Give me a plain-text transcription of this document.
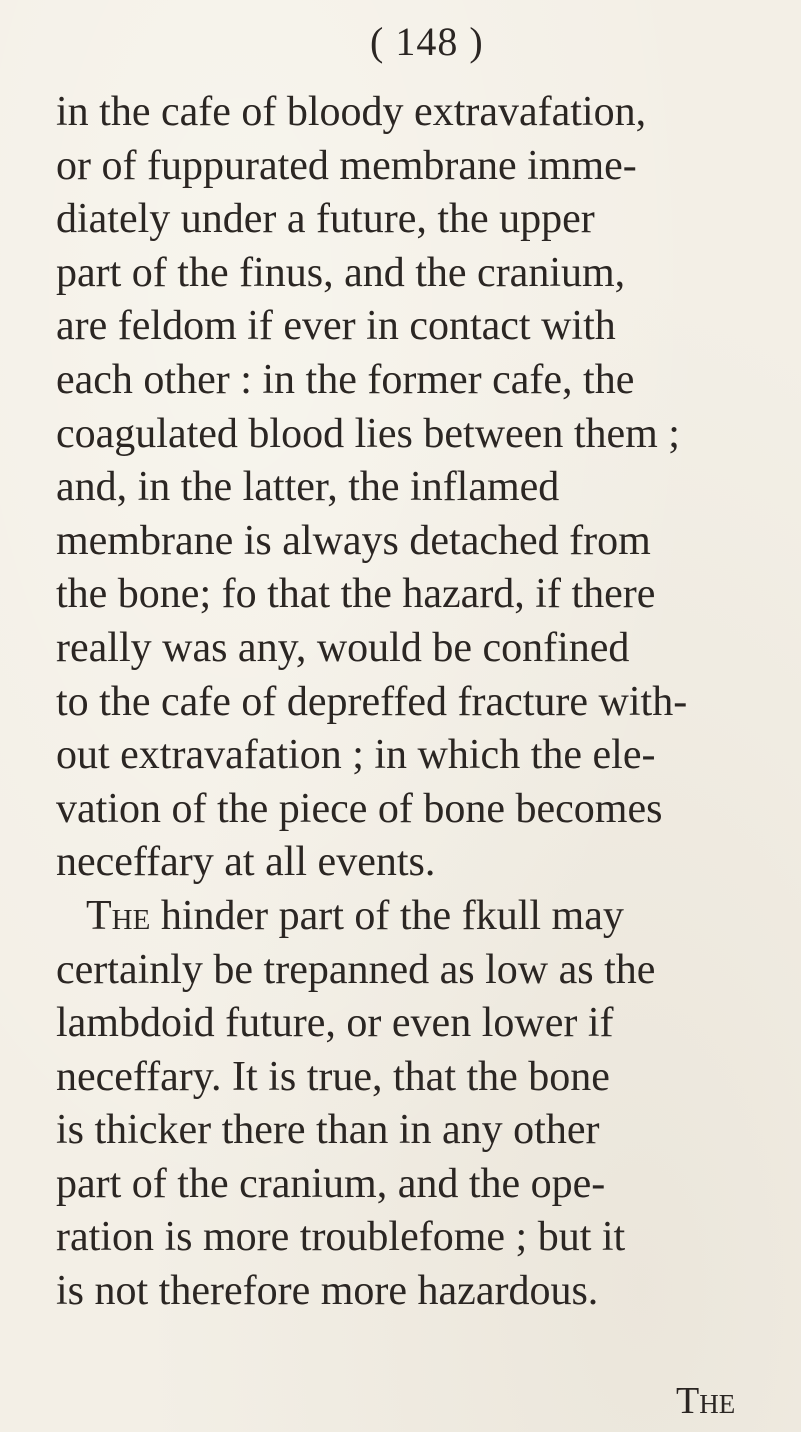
( 148 )
in the cafe of bloody extravafation,
or of fuppurated membrane imme-
diately under a future, the upper
part of the finus, and the cranium,
are feldom if ever in contact with
each other : in the former cafe, the
coagulated blood lies between them ;
and, in the latter, the inflamed
membrane is always detached from
the bone; fo that the hazard, if there
really was any, would be confined
to the cafe of depreffed fracture with-
out extravafation ; in which the ele-
vation of the piece of bone becomes
neceffary at all events.
The hinder part of the fkull may
certainly be trepanned as low as the
lambdoid future, or even lower if
neceffary. It is true, that the bone
is thicker there than in any other
part of the cranium, and the ope-
ration is more troublefome ; but it
is not therefore more hazardous.
The
